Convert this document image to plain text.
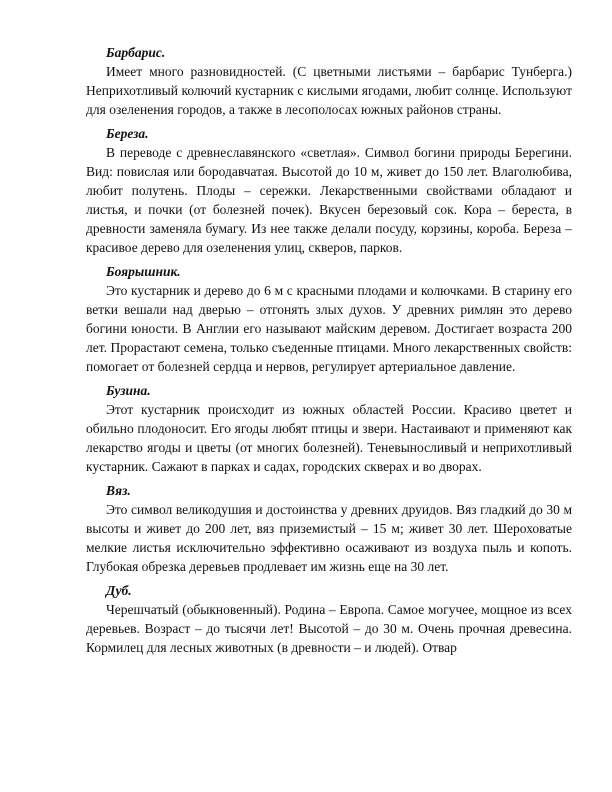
Барбарис.

Имеет много разновидностей. (С цветными листьями – барбарис Тунберга.) Неприхотливый колючий кустарник с кислыми ягодами, любит солнце. Используют для озеленения городов, а также в лесополосах южных районов страны.

Береза.

В переводе с древнеславянского «светлая». Символ богини природы Берегини. Вид: повислая или бородавчатая. Высотой до 10 м, живет до 150 лет. Влаголюбива, любит полутень. Плоды – сережки. Лекарственными свойствами обладают и листья, и почки (от болезней почек). Вкусен березовый сок. Кора – береста, в древности заменяла бумагу. Из нее также делали посуду, корзины, короба. Береза – красивое дерево для озеленения улиц, скверов, парков.

Боярышник.

Это кустарник и дерево до 6 м с красными плодами и колючками. В старину его ветки вешали над дверью – отгонять злых духов. У древних римлян это дерево богини юности. В Англии его называют майским деревом. Достигает возраста 200 лет. Прорастают семена, только съеденные птицами. Много лекарственных свойств: помогает от болезней сердца и нервов, регулирует артериальное давление.

Бузина.

Этот кустарник происходит из южных областей России. Красиво цветет и обильно плодоносит. Его ягоды любят птицы и звери. Настаивают и применяют как лекарство ягоды и цветы (от многих болезней). Теневыносливый и неприхотливый кустарник. Сажают в парках и садах, городских скверах и во дворах.

Вяз.

Это символ великодушия и достоинства у древних друидов. Вяз гладкий до 30 м высоты и живет до 200 лет, вяз приземистый – 15 м; живет 30 лет. Шероховатые мелкие листья исключительно эффективно осаживают из воздуха пыль и копоть. Глубокая обрезка деревьев продлевает им жизнь еще на 30 лет.

Дуб.

Черешчатый (обыкновенный). Родина – Европа. Самое могучее, мощное из всех деревьев. Возраст – до тысячи лет! Высотой – до 30 м. Очень прочная древесина. Кормилец для лесных животных (в древности – и людей). Отвар
